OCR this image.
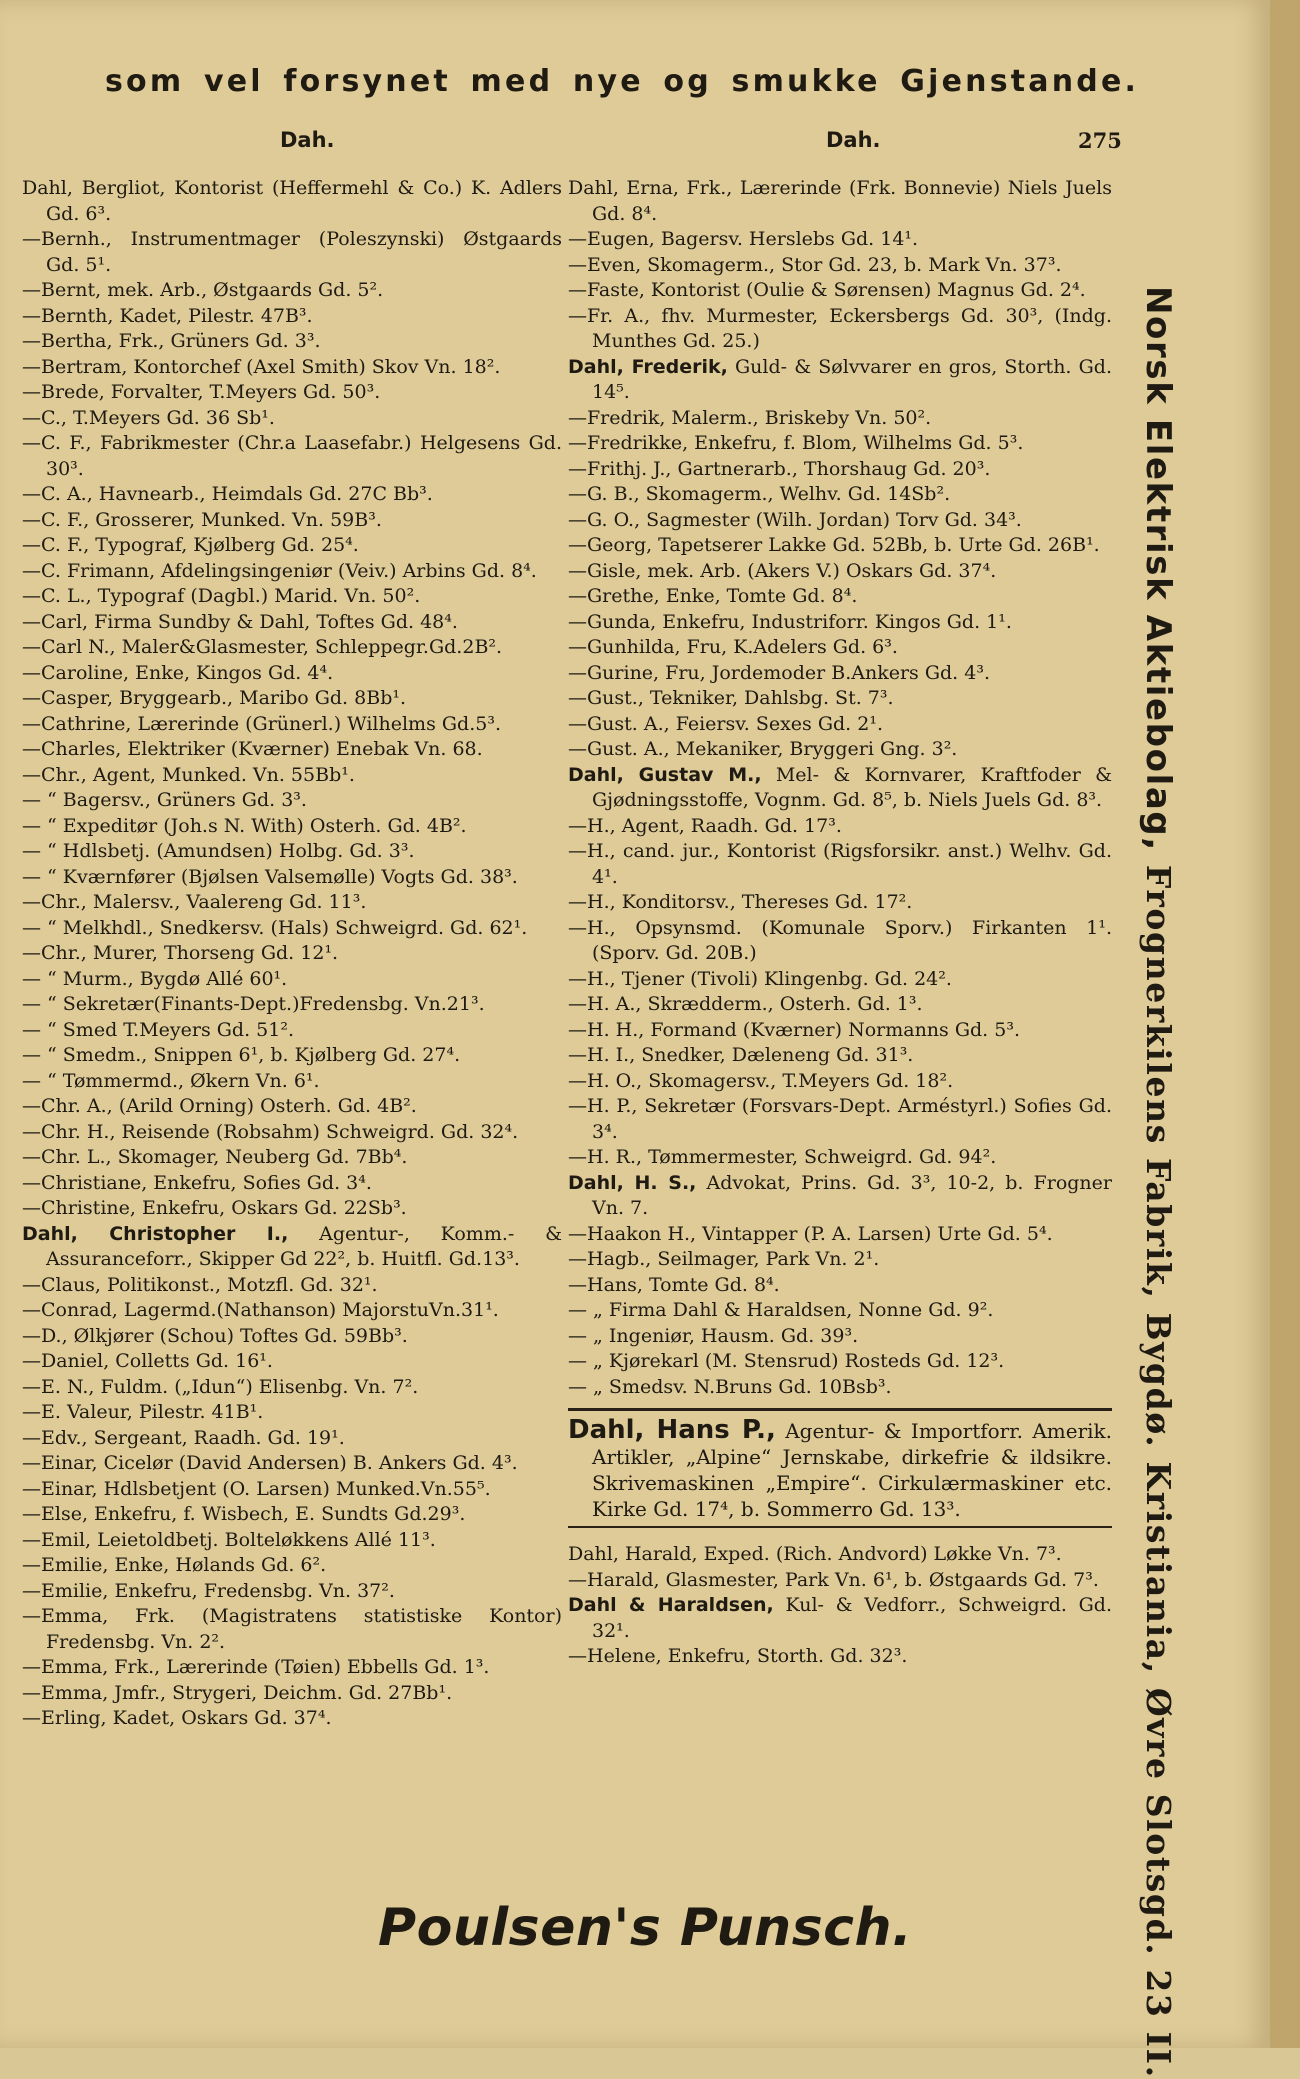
som vel forsynet med nye og smukke Gjenstande.
Dah.	Dah.	275

Dahl, Bergliot, Kontorist (Heffermehl & Co.) K. Adlers Gd. 6³.

—Bernh., Instrumentmager (Poleszynski) Østgaards Gd. 5¹.

—Bernt, mek. Arb., Østgaards Gd. 5².

—Bernth, Kadet, Pilestr. 47B³.

—Bertha, Frk., Grüners Gd. 3³.

—Bertram, Kontorchef (Axel Smith) Skov Vn. 18².

—Brede, Forvalter, T.Meyers Gd. 50³.

—C., T.Meyers Gd. 36 Sb¹.

—C. F., Fabrikmester (Chr.a Laasefabr.) Helgesens Gd. 30³.

—C. A., Havnearb., Heimdals Gd. 27C Bb³.

—C. F., Grosserer, Munked. Vn. 59B³.

—C. F., Typograf, Kjølberg Gd. 25⁴.

—C. Frimann, Afdelingsingeniør (Veiv.) Arbins Gd. 8⁴.

—C. L., Typograf (Dagbl.) Marid. Vn. 50².

—Carl, Firma Sundby & Dahl, Toftes Gd. 48⁴.

—Carl N., Maler&Glasmester, Schleppegr.Gd.2B².

—Caroline, Enke, Kingos Gd. 4⁴.

—Casper, Bryggearb., Maribo Gd. 8Bb¹.

—Cathrine, Lærerinde (Grünerl.) Wilhelms Gd.5³.

—Charles, Elektriker (Kværner) Enebak Vn. 68.

—Chr., Agent, Munked. Vn. 55Bb¹.

— “ Bagersv., Grüners Gd. 3³.

— “ Expeditør (Joh.s N. With) Osterh. Gd. 4B².

— “ Hdlsbetj. (Amundsen) Holbg. Gd. 3³.

— “ Kværnfører (Bjølsen Valsemølle) Vogts Gd. 38³.

—Chr., Malersv., Vaalereng Gd. 11³.

— “ Melkhdl., Snedkersv. (Hals) Schweigrd. Gd. 62¹.

—Chr., Murer, Thorseng Gd. 12¹.

— “ Murm., Bygdø Allé 60¹.

— “ Sekretær(Finants-Dept.)Fredensbg. Vn.21³.

— “ Smed T.Meyers Gd. 51².

— “ Smedm., Snippen 6¹, b. Kjølberg Gd. 27⁴.

— “ Tømmermd., Økern Vn. 6¹.

—Chr. A., (Arild Orning) Osterh. Gd. 4B².

—Chr. H., Reisende (Robsahm) Schweigrd. Gd. 32⁴.

—Chr. L., Skomager, Neuberg Gd. 7Bb⁴.

—Christiane, Enkefru, Sofies Gd. 3⁴.

—Christine, Enkefru, Oskars Gd. 22Sb³.

Dahl, Christopher I., Agentur-, Komm.- & Assuranceforr., Skipper Gd 22², b. Huitfl. Gd.13³.

—Claus, Politikonst., Motzfl. Gd. 32¹.

—Conrad, Lagermd.(Nathanson) MajorstuVn.31¹.

—D., Ølkjører (Schou) Toftes Gd. 59Bb³.

—Daniel, Colletts Gd. 16¹.

—E. N., Fuldm. („Idun“) Elisenbg. Vn. 7².

—E. Valeur, Pilestr. 41B¹.

—Edv., Sergeant, Raadh. Gd. 19¹.

—Einar, Cicelør (David Andersen) B. Ankers Gd. 4³.

—Einar, Hdlsbetjent (O. Larsen) Munked.Vn.55⁵.

—Else, Enkefru, f. Wisbech, E. Sundts Gd.29³.

—Emil, Leietoldbetj. Bolteløkkens Allé 11³.

—Emilie, Enke, Hølands Gd. 6².

—Emilie, Enkefru, Fredensbg. Vn. 37².

—Emma, Frk. (Magistratens statistiske Kontor) Fredensbg. Vn. 2².

—Emma, Frk., Lærerinde (Tøien) Ebbells Gd. 1³.

—Emma, Jmfr., Strygeri, Deichm. Gd. 27Bb¹.

—Erling, Kadet, Oskars Gd. 37⁴.

Dahl, Erna, Frk., Lærerinde (Frk. Bonnevie) Niels Juels Gd. 8⁴.

—Eugen, Bagersv. Herslebs Gd. 14¹.

—Even, Skomagerm., Stor Gd. 23, b. Mark Vn. 37³.

—Faste, Kontorist (Oulie & Sørensen) Magnus Gd. 2⁴.

—Fr. A., fhv. Murmester, Eckersbergs Gd. 30³, (Indg. Munthes Gd. 25.)

Dahl, Frederik, Guld- & Sølvvarer en gros, Storth. Gd. 14⁵.

—Fredrik, Malerm., Briskeby Vn. 50².

—Fredrikke, Enkefru, f. Blom, Wilhelms Gd. 5³.

—Frithj. J., Gartnerarb., Thorshaug Gd. 20³.

—G. B., Skomagerm., Welhv. Gd. 14Sb².

—G. O., Sagmester (Wilh. Jordan) Torv Gd. 34³.

—Georg, Tapetserer Lakke Gd. 52Bb, b. Urte Gd. 26B¹.

—Gisle, mek. Arb. (Akers V.) Oskars Gd. 37⁴.

—Grethe, Enke, Tomte Gd. 8⁴.

—Gunda, Enkefru, Industriforr. Kingos Gd. 1¹.

—Gunhilda, Fru, K.Adelers Gd. 6³.

—Gurine, Fru, Jordemoder B.Ankers Gd. 4³.

—Gust., Tekniker, Dahlsbg. St. 7³.

—Gust. A., Feiersv. Sexes Gd. 2¹.

—Gust. A., Mekaniker, Bryggeri Gng. 3².

Dahl, Gustav M., Mel- & Kornvarer, Kraftfoder & Gjødningsstoffe, Vognm. Gd. 8⁵, b. Niels Juels Gd. 8³.

—H., Agent, Raadh. Gd. 17³.

—H., cand. jur., Kontorist (Rigsforsikr. anst.) Welhv. Gd. 4¹.

—H., Konditorsv., Thereses Gd. 17².

—H., Opsynsmd. (Komunale Sporv.) Firkanten 1¹. (Sporv. Gd. 20B.)

—H., Tjener (Tivoli) Klingenbg. Gd. 24².

—H. A., Skrædderm., Osterh. Gd. 1³.

—H. H., Formand (Kværner) Normanns Gd. 5³.

—H. I., Snedker, Dæleneng Gd. 31³.

—H. O., Skomagersv., T.Meyers Gd. 18².

—H. P., Sekretær (Forsvars-Dept. Arméstyrl.) Sofies Gd. 3⁴.

—H. R., Tømmermester, Schweigrd. Gd. 94².

Dahl, H. S., Advokat, Prins. Gd. 3³, 10-2, b. Frogner Vn. 7.

—Haakon H., Vintapper (P. A. Larsen) Urte Gd. 5⁴.

—Hagb., Seilmager, Park Vn. 2¹.

—Hans, Tomte Gd. 8⁴.

— „ Firma Dahl & Haraldsen, Nonne Gd. 9².

— „ Ingeniør, Hausm. Gd. 39³.

— „ Kjørekarl (M. Stensrud) Rosteds Gd. 12³.

— „ Smedsv. N.Bruns Gd. 10Bsb³.

Dahl, Hans P., Agentur- & Importforr. Amerik. Artikler, „Alpine“ Jernskabe, dirkefrie & ildsikre. Skrivemaskinen „Empire“. Cirkulærmaskiner etc. Kirke Gd. 17⁴, b. Sommerro Gd. 13³.

Dahl, Harald, Exped. (Rich. Andvord) Løkke Vn. 7³.

—Harald, Glasmester, Park Vn. 6¹, b. Østgaards Gd. 7³.

Dahl & Haraldsen, Kul- & Vedforr., Schweigrd. Gd. 32¹.

—Helene, Enkefru, Storth. Gd. 32³.

Norsk Elektrisk Aktiebolag, Frognerkilens Fabrik, Bygdø. Kristiania, Øvre Slotsgd. 23 II.
Poulsen's Punsch.
